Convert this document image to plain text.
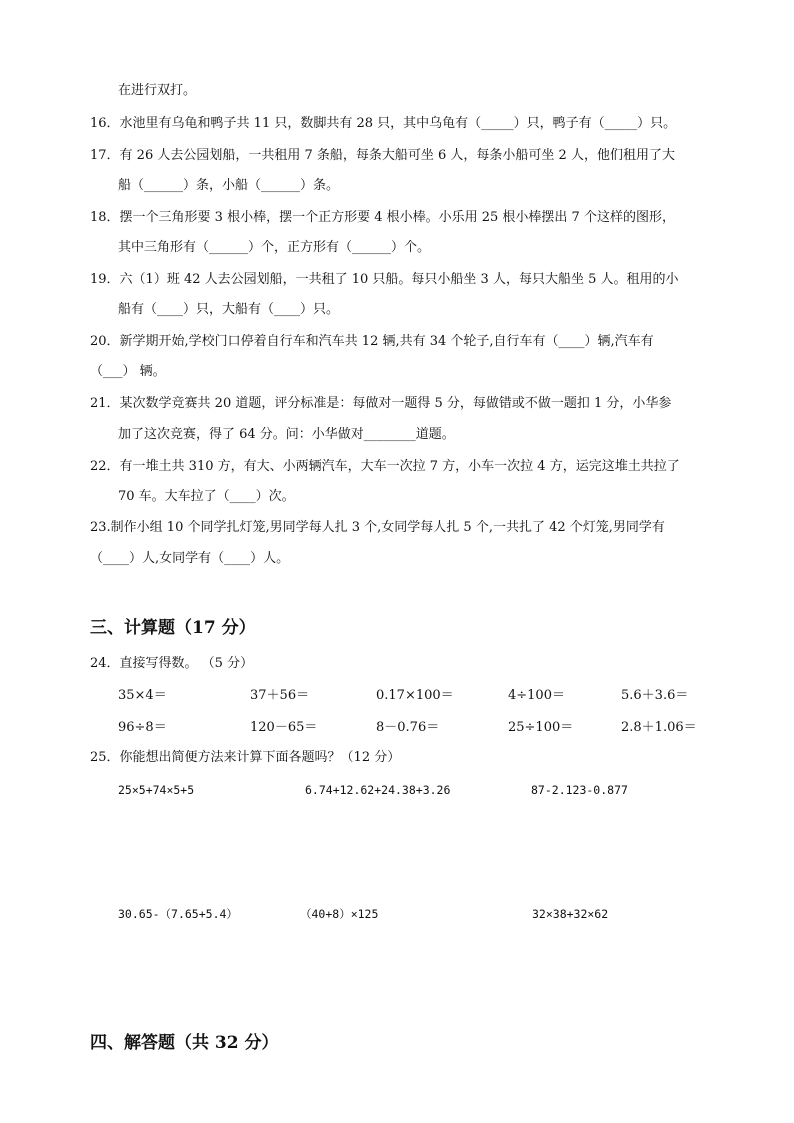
在进行双打。
16．水池里有乌龟和鸭子共 11 只，数脚共有 28 只，其中乌龟有（_____）只，鸭子有（_____）只。
17．有 26 人去公园划船，一共租用 7 条船，每条大船可坐 6 人，每条小船可坐 2 人，他们租用了大
船（______）条，小船（______）条。
18．摆一个三角形要 3 根小棒，摆一个正方形要 4 根小棒。小乐用 25 根小棒摆出 7 个这样的图形，
其中三角形有（______）个，正方形有（______）个。
19．六（1）班 42 人去公园划船，一共租了 10 只船。每只小船坐 3 人，每只大船坐 5 人。租用的小
船有（____）只，大船有（____）只。
20．新学期开始,学校门口停着自行车和汽车共 12 辆,共有 34 个轮子,自行车有（____）辆,汽车有
（___） 辆。
21．某次数学竞赛共 20 道题，评分标准是：每做对一题得 5 分，每做错或不做一题扣 1 分，小华参
加了这次竞赛，得了 64 分。问：小华做对________道题。
22．有一堆土共 310 方，有大、小两辆汽车，大车一次拉 7 方，小车一次拉 4 方，运完这堆土共拉了
70 车。大车拉了（____）次。
23.制作小组 10 个同学扎灯笼,男同学每人扎 3 个,女同学每人扎 5 个,一共扎了 42 个灯笼,男同学有
（____）人,女同学有（____）人。
三、计算题（17 分）
24．直接写得数。 （5 分）
35×4＝	37＋56＝	0.17×100＝	4÷100＝	5.6＋3.6＝
96÷8＝	120－65＝	8－0.76＝	25÷100＝	2.8＋1.06＝
25．你能想出简便方法来计算下面各题吗？（12 分）
25×5+74×5+5	6.74+12.62+24.38+3.26	87-2.123-0.877
30.65-（7.65+5.4）	（40+8）×125	32×38+32×62
四、解答题（共 32 分）
